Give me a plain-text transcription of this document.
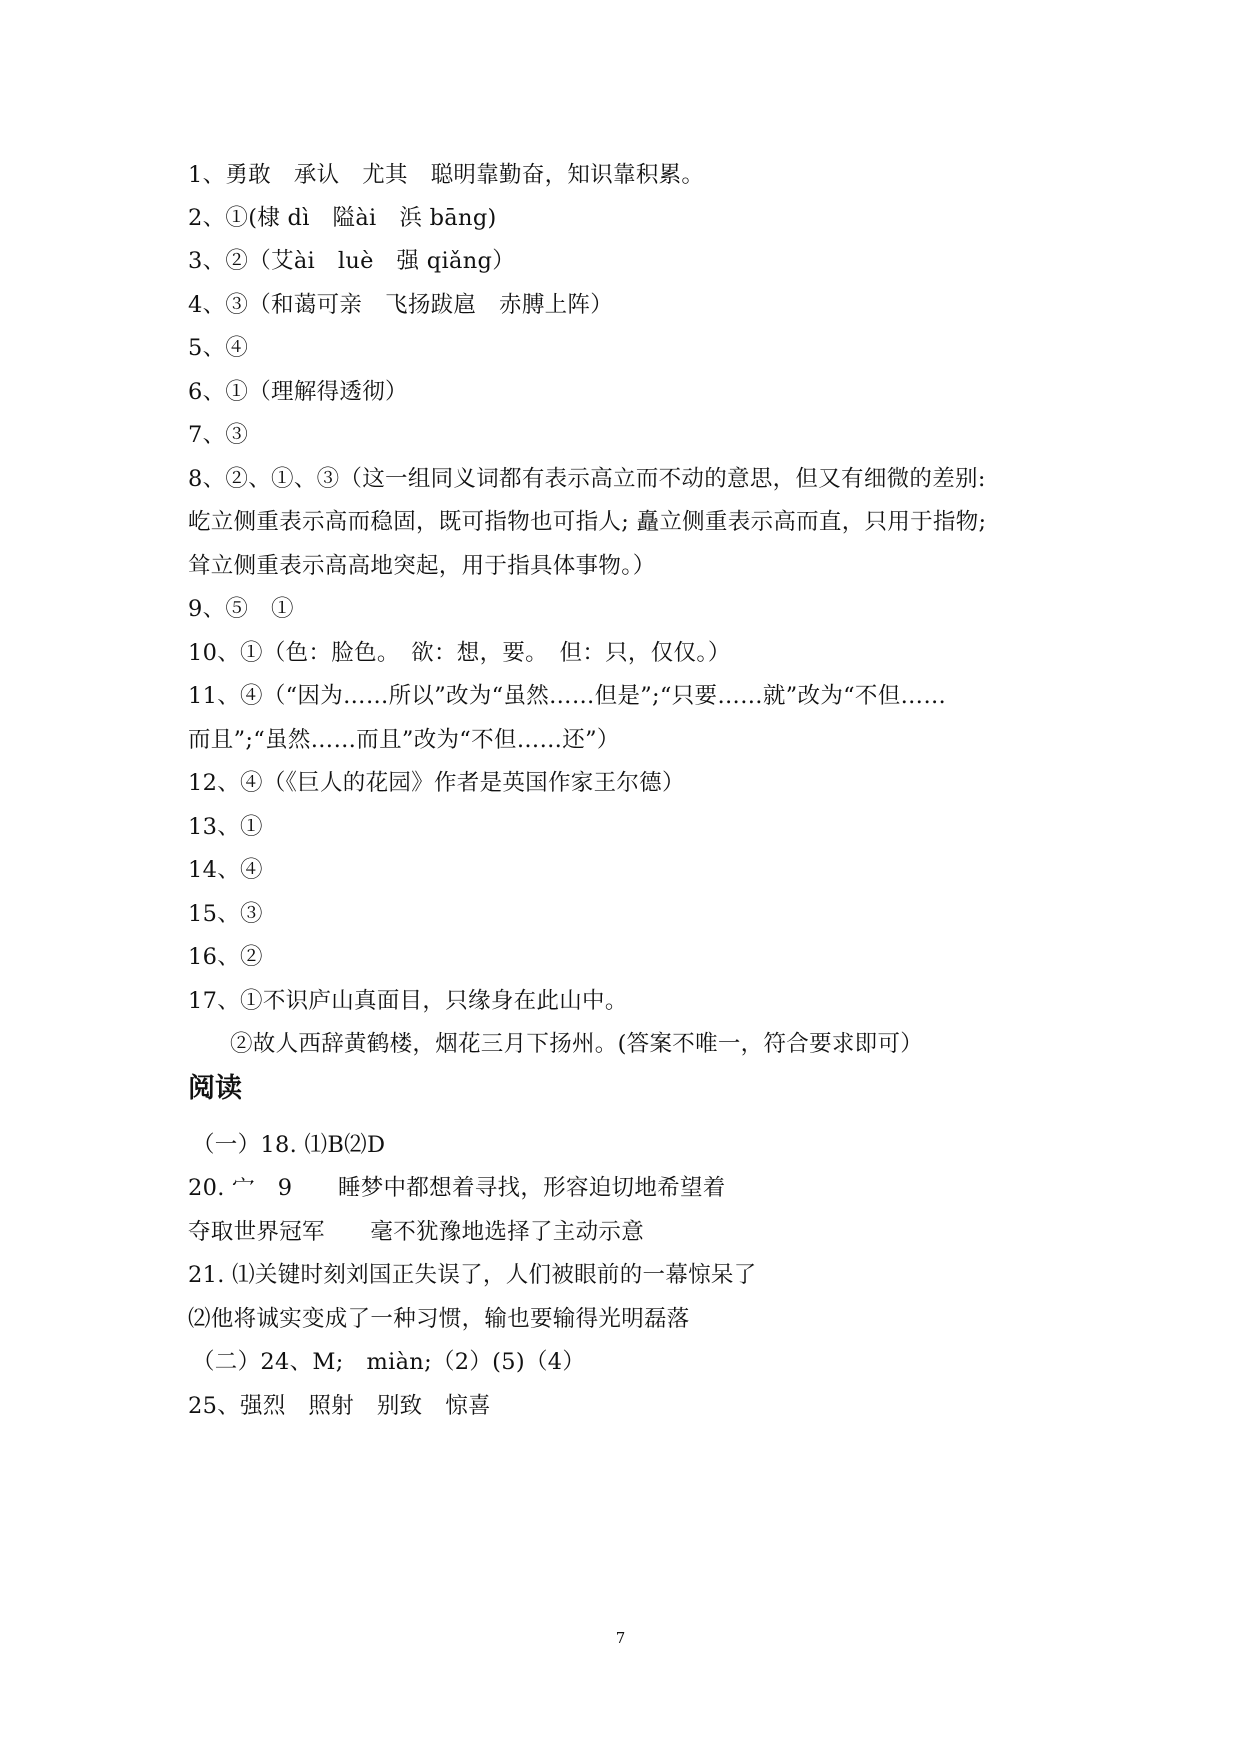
1、勇敢　承认　尤其　聪明靠勤奋，知识靠积累。
2、①(棣 dì　隘ài　浜 bāng)
3、②（艾ài　luè　强 qiǎng）
4、③（和蔼可亲　飞扬跋扈　赤膊上阵）
5、④
6、①（理解得透彻）
7、③
8、②、①、③（这一组同义词都有表示高立而不动的意思，但又有细微的差别:
屹立侧重表示高而稳固，既可指物也可指人; 矗立侧重表示高而直，只用于指物;
耸立侧重表示高高地突起，用于指具体事物。）
9、⑤　①
10、①（色：脸色。　欲：想，要。　但：只，仅仅。）
11、④（“因为……所以”改为“虽然……但是”;“只要……就”改为“不但……
而且”;“虽然……而且”改为“不但……还”）
12、④（《巨人的花园》作者是英国作家王尔德）
13、①
14、④
15、③
16、②
17、①不识庐山真面目，只缘身在此山中。
②故人西辞黄鹤楼，烟花三月下扬州。(答案不唯一，符合要求即可）
阅读
（一）18. ⑴B⑵D
20. 宀　9　　睡梦中都想着寻找，形容迫切地希望着
夺取世界冠军　　毫不犹豫地选择了主动示意
21. ⑴关键时刻刘国正失误了，人们被眼前的一幕惊呆了
⑵他将诚实变成了一种习惯，输也要输得光明磊落
（二）24、M;　miàn;（2）(5)（4）
25、强烈　照射　别致　惊喜
7
